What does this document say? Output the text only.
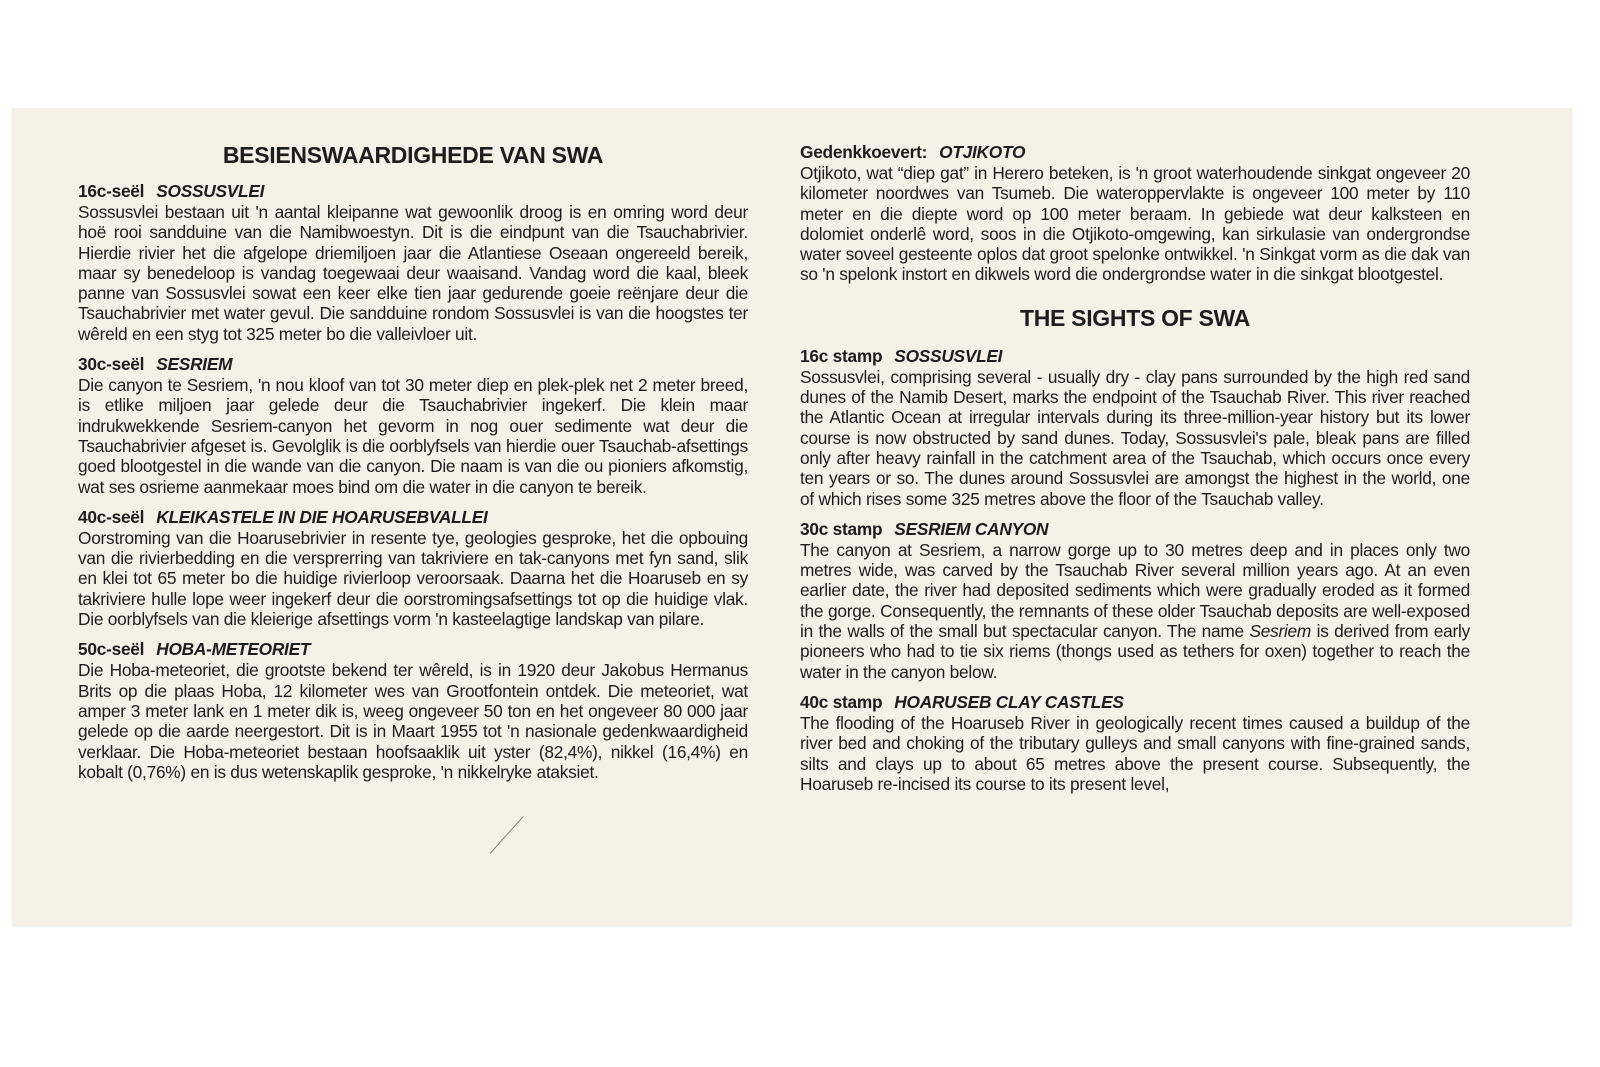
BESIENSWAARDIGHEDE VAN SWA
16c-seël SOSSUSVLEI

Sossusvlei bestaan uit 'n aantal kleipanne wat gewoonlik droog is en omring word deur hoë rooi sandduine van die Namibwoestyn. Dit is die eindpunt van die Tsauchabrivier. Hierdie rivier het die afgelope driemiljoen jaar die Atlantiese Oseaan ongereeld bereik, maar sy benedeloop is vandag toegewaai deur waaisand. Vandag word die kaal, bleek panne van Sossusvlei sowat een keer elke tien jaar gedurende goeie reënjare deur die Tsauchabrivier met water gevul. Die sandduine rondom Sossusvlei is van die hoogstes ter wêreld en een styg tot 325 meter bo die valleivloer uit.

30c-seël SESRIEM

Die canyon te Sesriem, 'n nou kloof van tot 30 meter diep en plek-plek net 2 meter breed, is etlike miljoen jaar gelede deur die Tsauchabrivier ingekerf. Die klein maar indrukwekkende Sesriem-canyon het gevorm in nog ouer sedimente wat deur die Tsauchabrivier afgeset is. Gevolglik is die oorblyfsels van hierdie ouer Tsauchab-afsettings goed blootgestel in die wande van die canyon. Die naam is van die ou pioniers afkomstig, wat ses osrieme aanmekaar moes bind om die water in die canyon te bereik.

40c-seël KLEIKASTELE IN DIE HOARUSEBVALLEI

Oorstroming van die Hoarusebrivier in resente tye, geologies gesproke, het die opbouing van die rivierbedding en die versprerring van takriviere en tak-canyons met fyn sand, slik en klei tot 65 meter bo die huidige rivierloop veroorsaak. Daarna het die Hoaruseb en sy takriviere hulle lope weer ingekerf deur die oorstromingsafsettings tot op die huidige vlak. Die oorblyfsels van die kleierige afsettings vorm 'n kasteelagtige landskap van pilare.

50c-seël HOBA-METEORIET

Die Hoba-meteoriet, die grootste bekend ter wêreld, is in 1920 deur Jakobus Hermanus Brits op die plaas Hoba, 12 kilometer wes van Grootfontein ontdek. Die meteoriet, wat amper 3 meter lank en 1 meter dik is, weeg ongeveer 50 ton en het ongeveer 80 000 jaar gelede op die aarde neergestort. Dit is in Maart 1955 tot 'n nasionale gedenkwaardigheid verklaar. Die Hoba-meteoriet bestaan hoofsaaklik uit yster (82,4%), nikkel (16,4%) en kobalt (0,76%) en is dus wetenskaplik gesproke, 'n nikkelryke ataksiet.

Gedenkkoevert: OTJIKOTO

Otjikoto, wat “diep gat” in Herero beteken, is 'n groot waterhoudende sinkgat ongeveer 20 kilometer noordwes van Tsumeb. Die wateroppervlakte is ongeveer 100 meter by 110 meter en die diepte word op 100 meter beraam. In gebiede wat deur kalksteen en dolomiet onderlê word, soos in die Otjikoto-omgewing, kan sirkulasie van ondergrondse water soveel gesteente oplos dat groot spelonke ontwikkel. 'n Sinkgat vorm as die dak van so 'n spelonk instort en dikwels word die ondergrondse water in die sinkgat blootgestel.

THE SIGHTS OF SWA
16c stamp SOSSUSVLEI

Sossusvlei, comprising several - usually dry - clay pans surrounded by the high red sand dunes of the Namib Desert, marks the endpoint of the Tsauchab River. This river reached the Atlantic Ocean at irregular intervals during its three-million-year history but its lower course is now obstructed by sand dunes. Today, Sossusvlei's pale, bleak pans are filled only after heavy rainfall in the catchment area of the Tsauchab, which occurs once every ten years or so. The dunes around Sossusvlei are amongst the highest in the world, one of which rises some 325 metres above the floor of the Tsauchab valley.

30c stamp SESRIEM CANYON

The canyon at Sesriem, a narrow gorge up to 30 metres deep and in places only two metres wide, was carved by the Tsauchab River several million years ago. At an even earlier date, the river had deposited sediments which were gradually eroded as it formed the gorge. Consequently, the remnants of these older Tsauchab deposits are well-exposed in the walls of the small but spectacular canyon. The name Sesriem is derived from early pioneers who had to tie six riems (thongs used as tethers for oxen) together to reach the water in the canyon below.

40c stamp HOARUSEB CLAY CASTLES

The flooding of the Hoaruseb River in geologically recent times caused a buildup of the river bed and choking of the tributary gulleys and small canyons with fine-grained sands, silts and clays up to about 65 metres above the present course. Subsequently, the Hoaruseb re-incised its course to its present level,
